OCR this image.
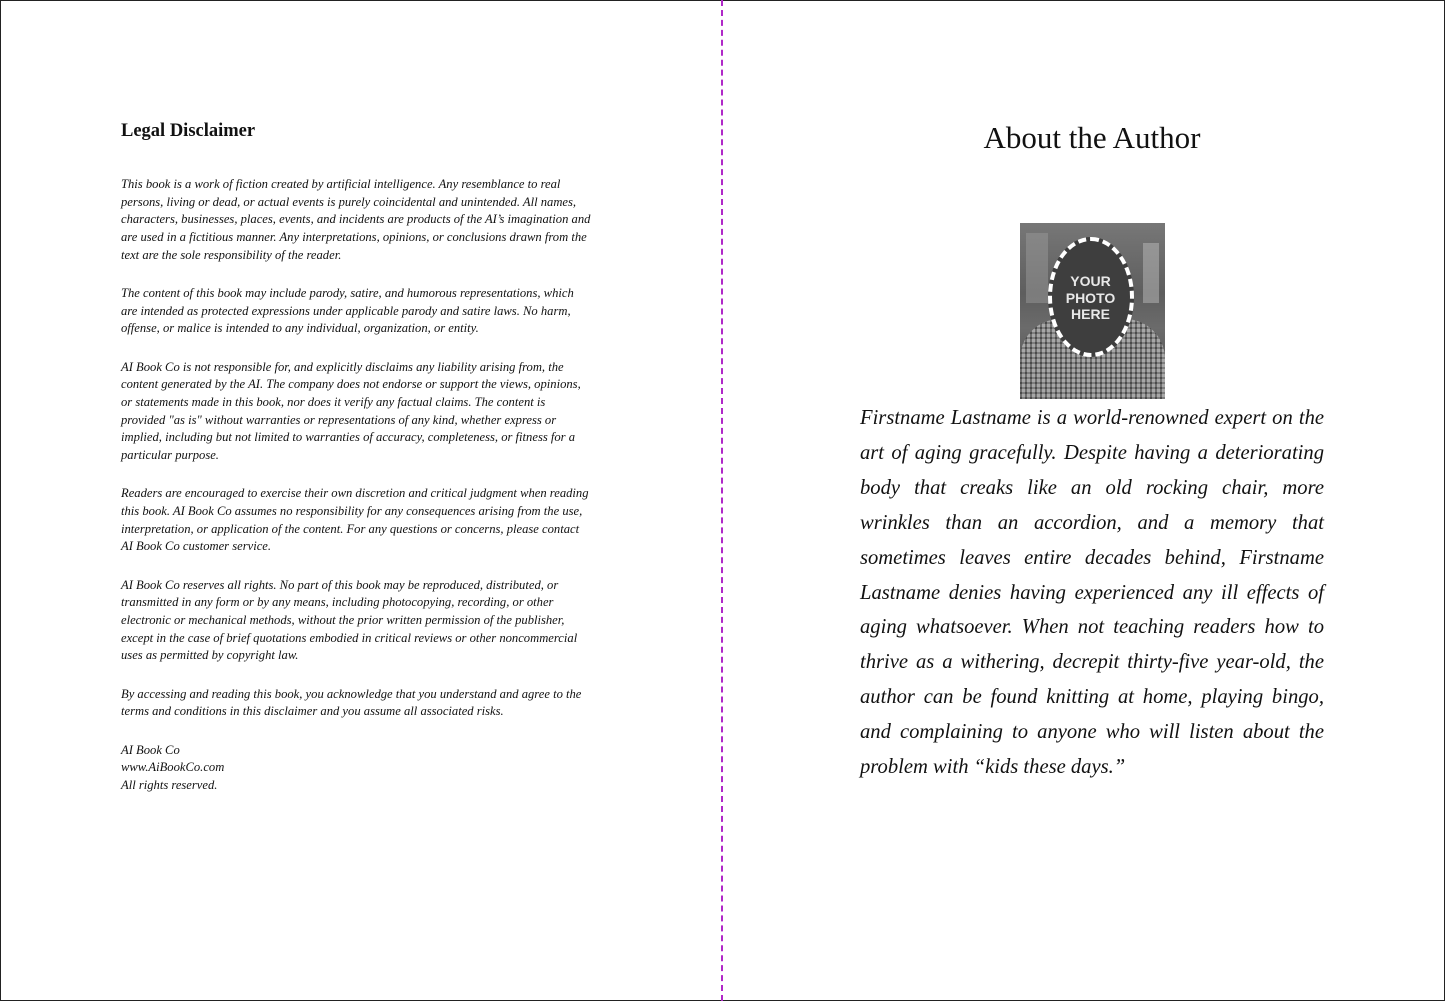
Legal Disclaimer

This book is a work of fiction created by artificial intelligence. Any resemblance to real persons, living or dead, or actual events is purely coincidental and unintended. All names, characters, businesses, places, events, and incidents are products of the AI’s imagination and are used in a fictitious manner. Any interpretations, opinions, or conclusions drawn from the text are the sole responsibility of the reader.

The content of this book may include parody, satire, and humorous representations, which are intended as protected expressions under applicable parody and satire laws. No harm, offense, or malice is intended to any individual, organization, or entity.

AI Book Co is not responsible for, and explicitly disclaims any liability arising from, the content generated by the AI. The company does not endorse or support the views, opinions, or statements made in this book, nor does it verify any factual claims. The content is provided "as is" without warranties or representations of any kind, whether express or implied, including but not limited to warranties of accuracy, completeness, or fitness for a particular purpose.

Readers are encouraged to exercise their own discretion and critical judgment when reading this book. AI Book Co assumes no responsibility for any consequences arising from the use, interpretation, or application of the content. For any questions or concerns, please contact AI Book Co customer service.

AI Book Co reserves all rights. No part of this book may be reproduced, distributed, or transmitted in any form or by any means, including photocopying, recording, or other electronic or mechanical methods, without the prior written permission of the publisher, except in the case of brief quotations embodied in critical reviews or other noncommercial uses as permitted by copyright law.

By accessing and reading this book, you acknowledge that you understand and agree to the terms and conditions in this disclaimer and you assume all associated risks.

AI Book Co
www.AiBookCo.com
All rights reserved.
About the Author
YOUR
PHOTO
HERE

Firstname Lastname is a world-renowned expert on the art of aging gracefully. Despite having a deteriorating body that creaks like an old rocking chair, more wrinkles than an accordion, and a memory that sometimes leaves entire decades behind, Firstname Lastname denies having experienced any ill effects of aging whatsoever. When not teaching readers how to thrive as a withering, decrepit thirty-five year-old, the author can be found knitting at home, playing bingo, and complaining to anyone who will listen about the problem with “kids these days.”
